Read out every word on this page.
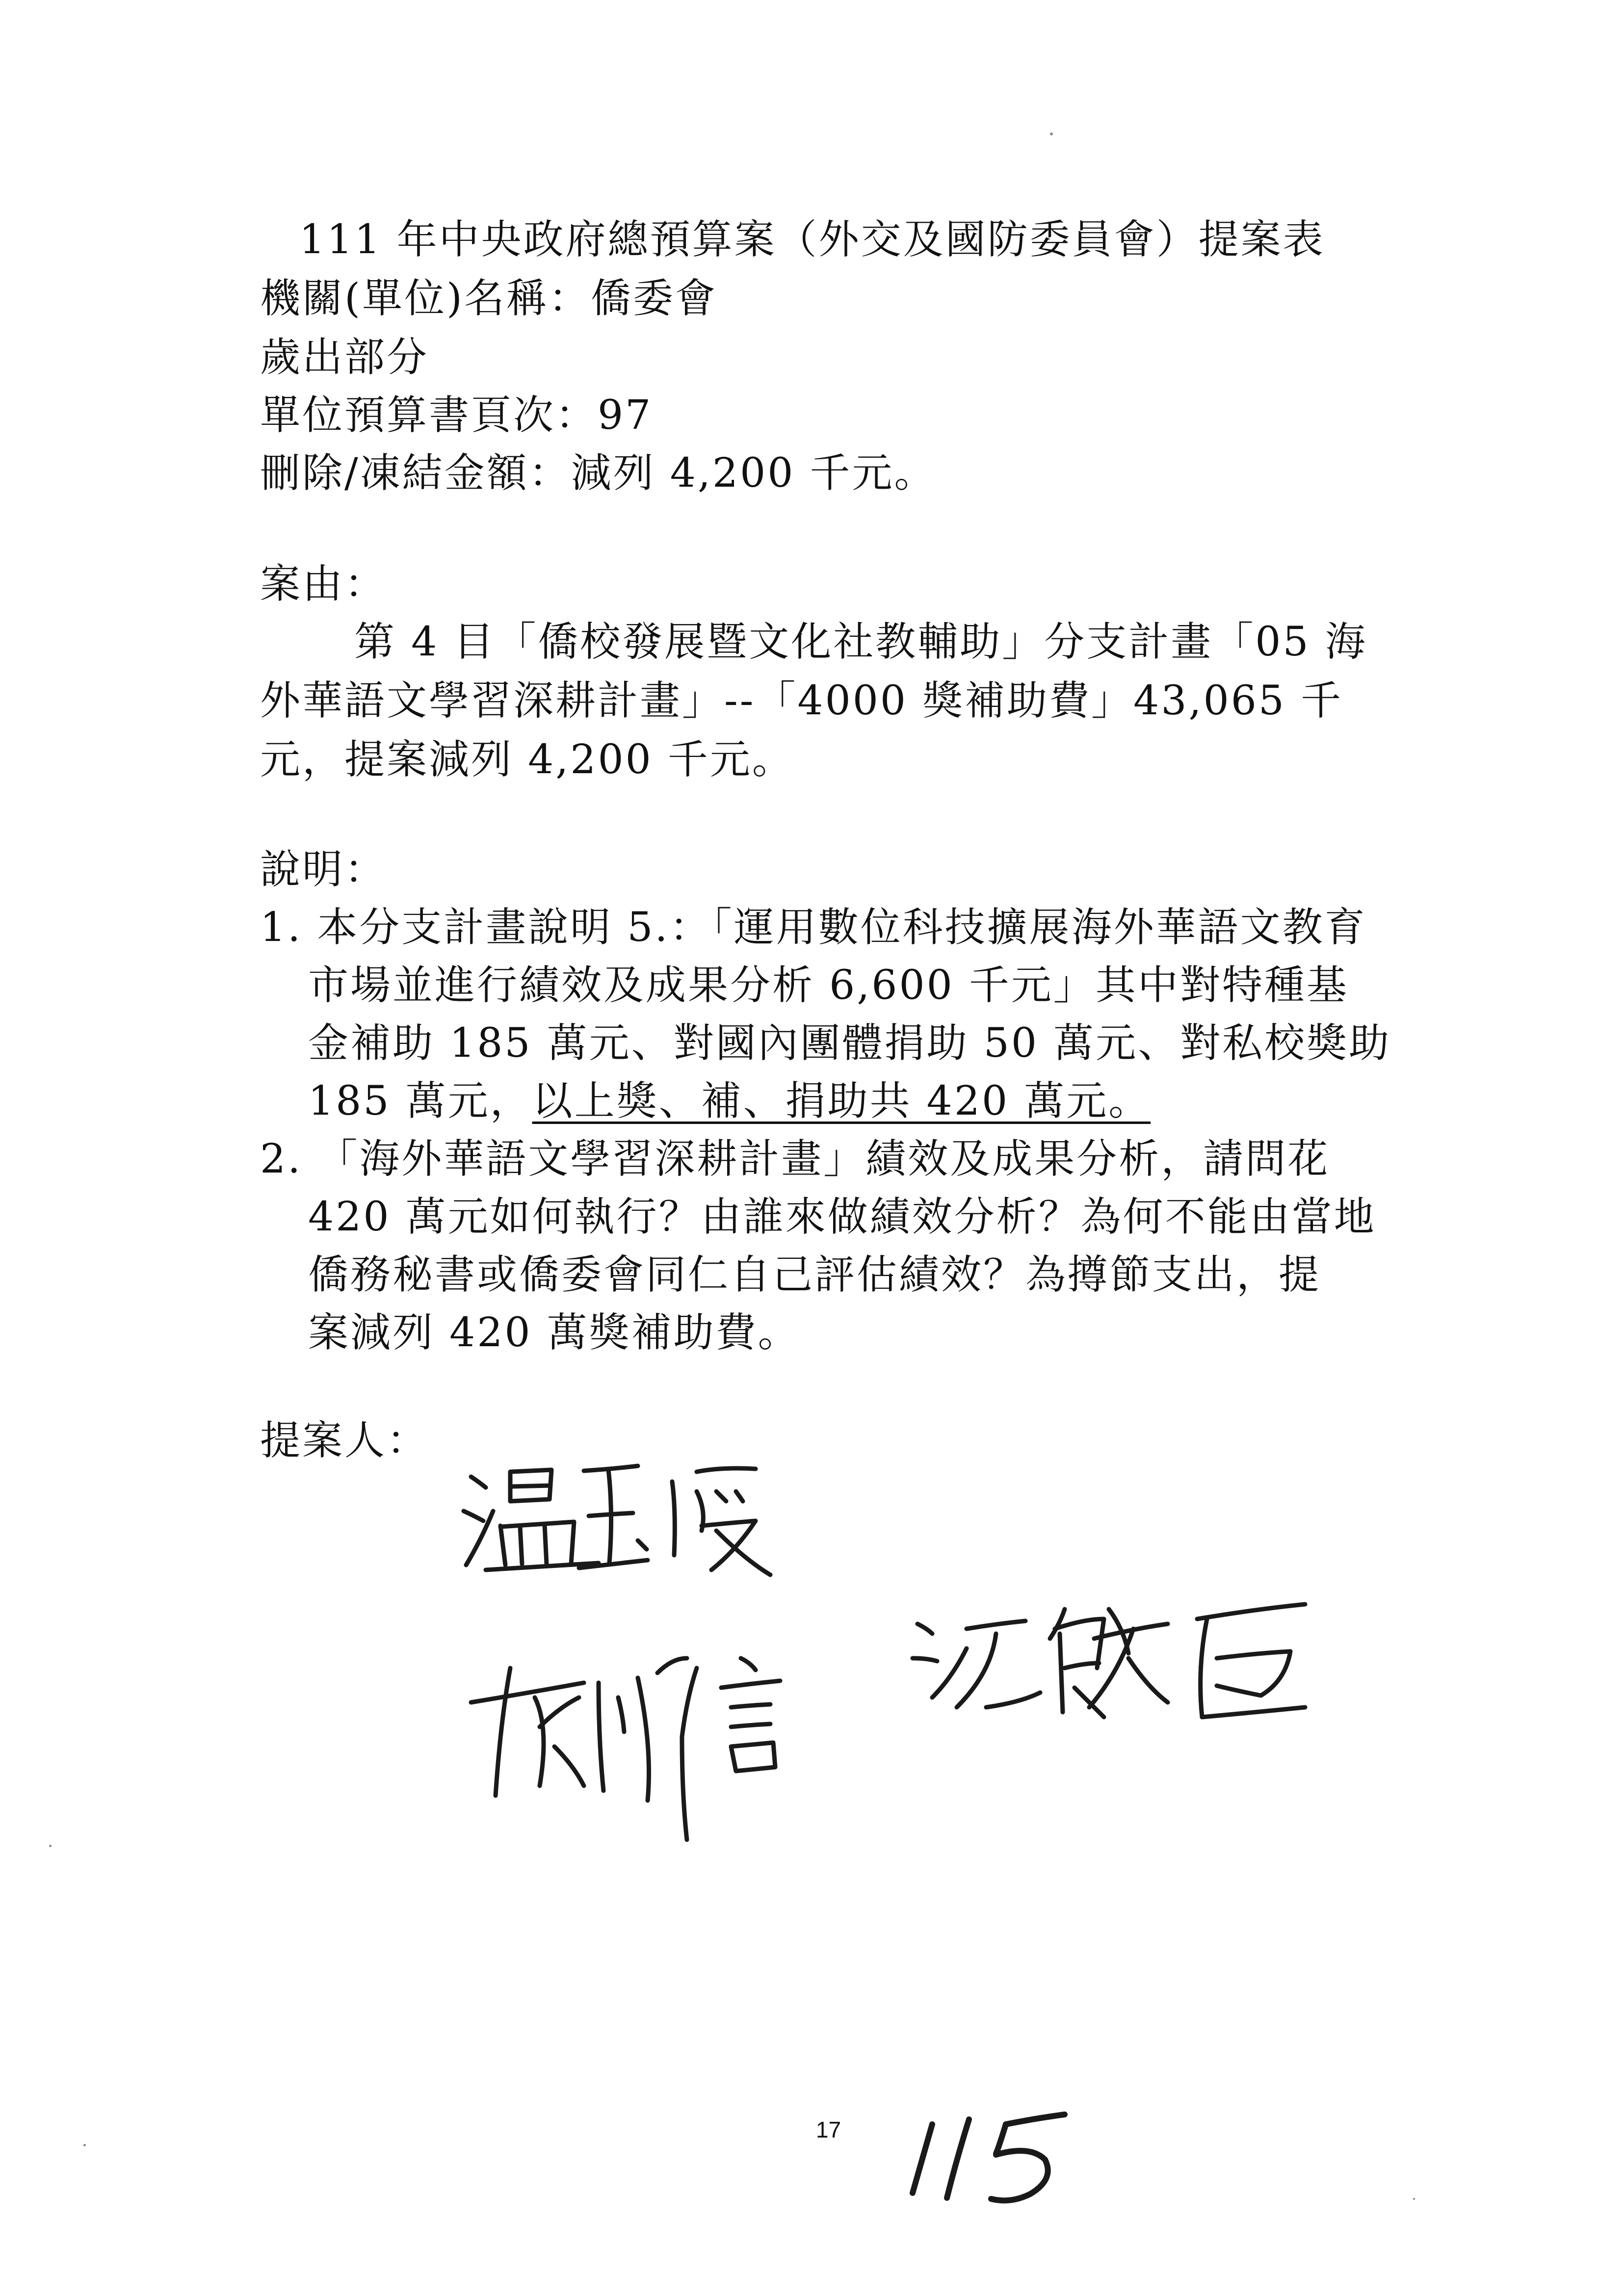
111 年中央政府總預算案（外交及國防委員會）提案表
機關(單位)名稱：僑委會
歲出部分
單位預算書頁次：97
刪除/凍結金額：減列 4,200 千元。
案由：
第 4 目「僑校發展暨文化社教輔助」分支計畫「05 海
外華語文學習深耕計畫」--「4000 獎補助費」43,065 千
元，提案減列 4,200 千元。
說明：
1. 本分支計畫說明 5.：「運用數位科技擴展海外華語文教育
市場並進行績效及成果分析 6,600 千元」其中對特種基
金補助 185 萬元、對國內團體捐助 50 萬元、對私校獎助
185 萬元，以上獎、補、捐助共 420 萬元。
2. 「海外華語文學習深耕計畫」績效及成果分析，請問花
420 萬元如何執行？由誰來做績效分析？為何不能由當地
僑務秘書或僑委會同仁自己評估績效？為撙節支出，提
案減列 420 萬獎補助費。
提案人：
115
17
